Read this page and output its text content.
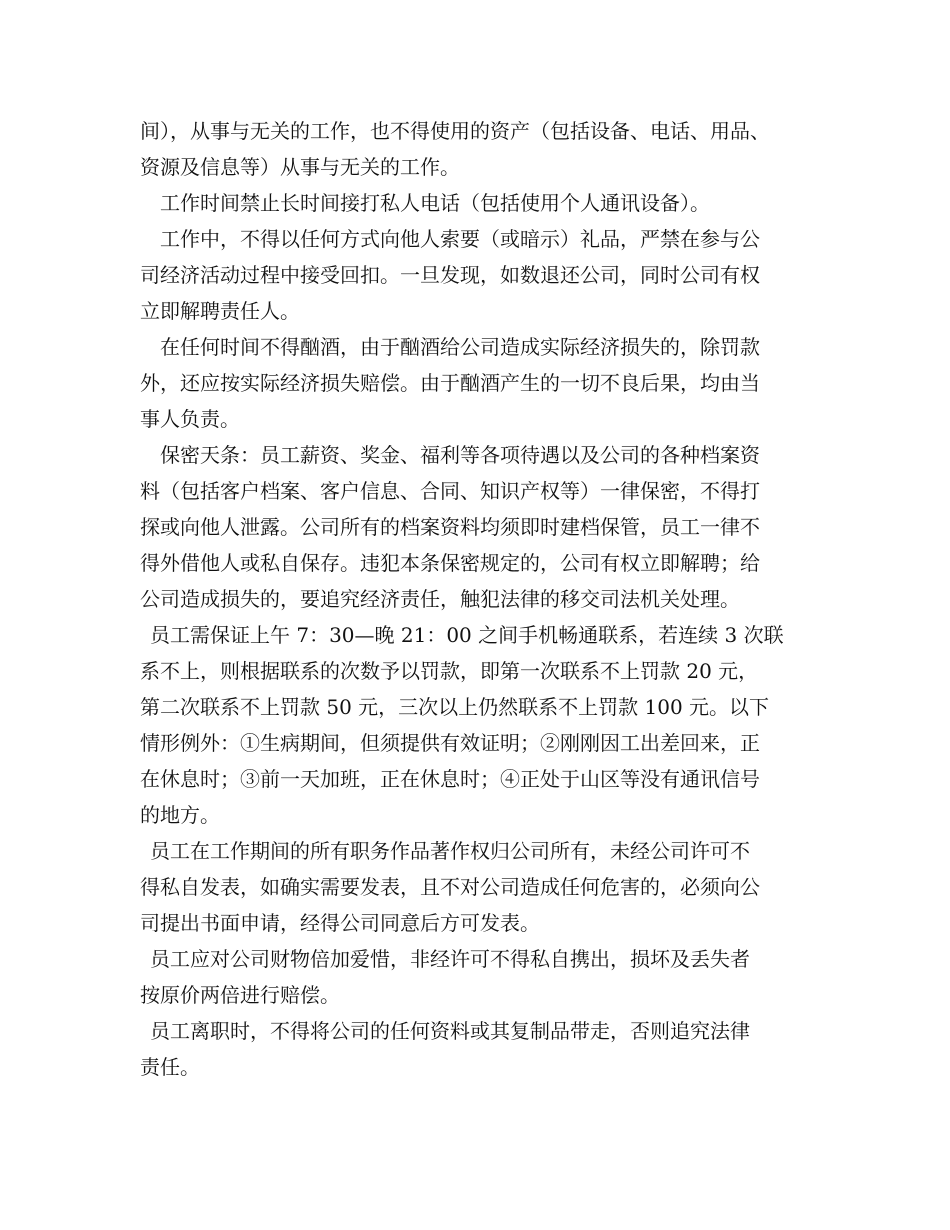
间），从事与无关的工作，也不得使用的资产（包括设备、电话、用品、
资源及信息等）从事与无关的工作。
工作时间禁止长时间接打私人电话（包括使用个人通讯设备）。
工作中，不得以任何方式向他人索要（或暗示）礼品，严禁在参与公
司经济活动过程中接受回扣。一旦发现，如数退还公司，同时公司有权
立即解聘责任人。
在任何时间不得酗酒，由于酗酒给公司造成实际经济损失的，除罚款
外，还应按实际经济损失赔偿。由于酗酒产生的一切不良后果，均由当
事人负责。
保密天条：员工薪资、奖金、福利等各项待遇以及公司的各种档案资
料（包括客户档案、客户信息、合同、知识产权等）一律保密，不得打
探或向他人泄露。公司所有的档案资料均须即时建档保管，员工一律不
得外借他人或私自保存。违犯本条保密规定的，公司有权立即解聘；给
公司造成损失的，要追究经济责任，触犯法律的移交司法机关处理。
员工需保证上午 7：30—晚 21：00 之间手机畅通联系，若连续 3 次联
系不上，则根据联系的次数予以罚款，即第一次联系不上罚款 20 元，
第二次联系不上罚款 50 元，三次以上仍然联系不上罚款 100 元。以下
情形例外：①生病期间，但须提供有效证明；②刚刚因工出差回来，正
在休息时；③前一天加班，正在休息时；④正处于山区等没有通讯信号
的地方。
员工在工作期间的所有职务作品著作权归公司所有，未经公司许可不
得私自发表，如确实需要发表，且不对公司造成任何危害的，必须向公
司提出书面申请，经得公司同意后方可发表。
员工应对公司财物倍加爱惜，非经许可不得私自携出，损坏及丢失者
按原价两倍进行赔偿。
员工离职时，不得将公司的任何资料或其复制品带走，否则追究法律
责任。
